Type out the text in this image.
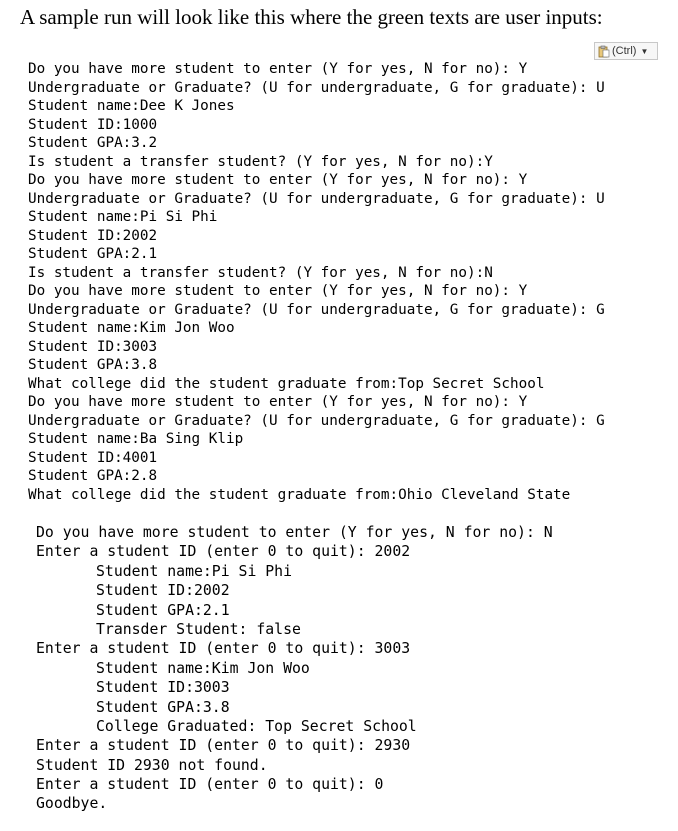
A sample run will look like this where the green texts are user inputs:
(Ctrl) ▼
Do you have more student to enter (Y for yes, N for no): Y
Undergraduate or Graduate? (U for undergraduate, G for graduate): U
Student name:Dee K Jones
Student ID:1000
Student GPA:3.2
Is student a transfer student? (Y for yes, N for no):Y
Do you have more student to enter (Y for yes, N for no): Y
Undergraduate or Graduate? (U for undergraduate, G for graduate): U
Student name:Pi Si Phi
Student ID:2002
Student GPA:2.1
Is student a transfer student? (Y for yes, N for no):N
Do you have more student to enter (Y for yes, N for no): Y
Undergraduate or Graduate? (U for undergraduate, G for graduate): G
Student name:Kim Jon Woo
Student ID:3003
Student GPA:3.8
What college did the student graduate from:Top Secret School
Do you have more student to enter (Y for yes, N for no): Y
Undergraduate or Graduate? (U for undergraduate, G for graduate): G
Student name:Ba Sing Klip
Student ID:4001
Student GPA:2.8
What college did the student graduate from:Ohio Cleveland State
Do you have more student to enter (Y for yes, N for no): N
Enter a student ID (enter 0 to quit): 2002
Student name:Pi Si Phi
Student ID:2002
Student GPA:2.1
Transder Student: false
Enter a student ID (enter 0 to quit): 3003
Student name:Kim Jon Woo
Student ID:3003
Student GPA:3.8
College Graduated: Top Secret School
Enter a student ID (enter 0 to quit): 2930
Student ID 2930 not found.
Enter a student ID (enter 0 to quit): 0
Goodbye.
